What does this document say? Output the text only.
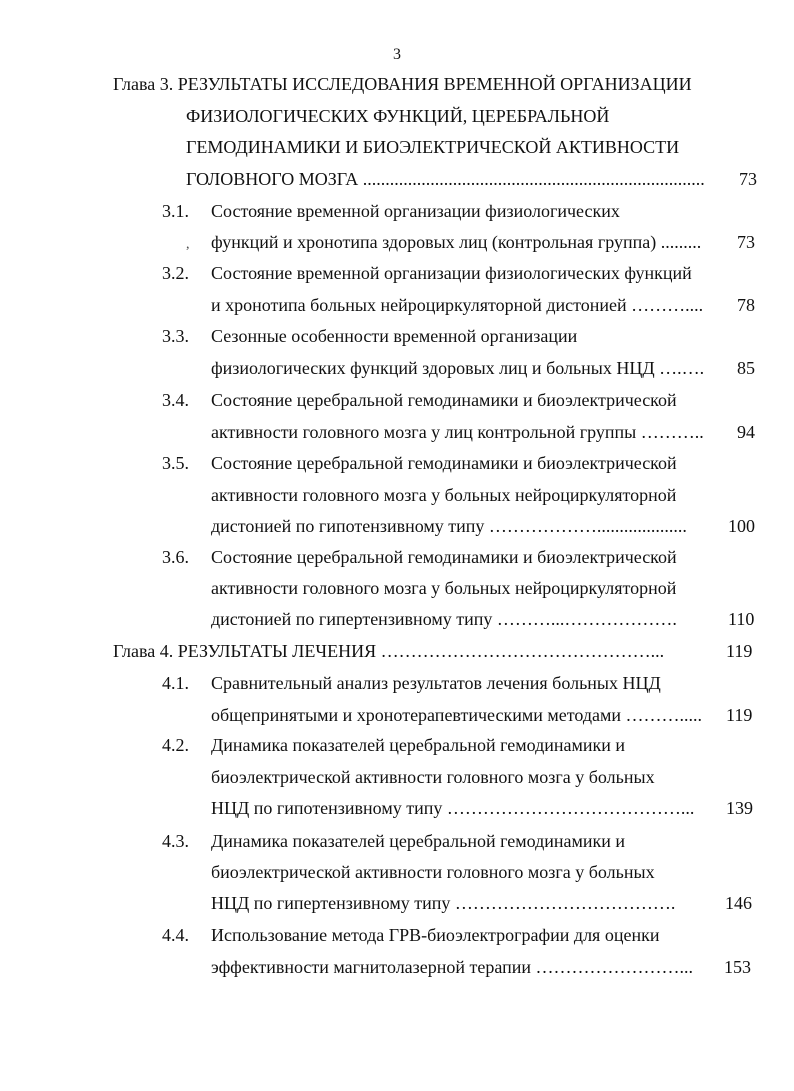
3
Глава 3. РЕЗУЛЬТАТЫ ИССЛЕДОВАНИЯ ВРЕМЕННОЙ ОРГАНИЗАЦИИ
ФИЗИОЛОГИЧЕСКИХ ФУНКЦИЙ, ЦЕРЕБРАЛЬНОЙ
ГЕМОДИНАМИКИ И БИОЭЛЕКТРИЧЕСКОЙ АКТИВНОСТИ
ГОЛОВНОГО МОЗГА ............................................................................ 73
3.1.	Состояние временной организации физиологических
функций и хронотипа здоровых лиц (контрольная группа) ......... 73
,
3.2.	Состояние временной организации физиологических функций
и хронотипа больных нейроциркуляторной дистонией ……….... 78
3.3.	Сезонные особенности временной организации
физиологических функций здоровых лиц и больных НЦД ….…. 85
3.4.	Состояние церебральной гемодинамики и биоэлектрической
активности головного мозга у лиц контрольной группы ……….. 94
3.5.	Состояние церебральной гемодинамики и биоэлектрической
активности головного мозга у больных нейроциркуляторной
дистонией по гипотензивному типу ……………….................... 100
3.6.	Состояние церебральной гемодинамики и биоэлектрической
активности головного мозга у больных нейроциркуляторной
дистонией по гипертензивному типу ………...……………….	110
Глава 4. РЕЗУЛЬТАТЫ ЛЕЧЕНИЯ ………………………………………...	119
4.1.	Сравнительный анализ результатов лечения больных НЦД
общепринятыми и хронотерапевтическими методами ………..... 119
4.2.	Динамика показателей церебральной гемодинамики и
биоэлектрической активности головного мозга у больных
НЦД по гипотензивному типу …………………………………... 139
4.3.	Динамика показателей церебральной гемодинамики и
биоэлектрической активности головного мозга у больных
НЦД по гипертензивному типу ……………………………….	146
4.4.	Использование метода ГРВ-биоэлектрографии для оценки
эффективности магнитолазерной терапии ……………………... 153
